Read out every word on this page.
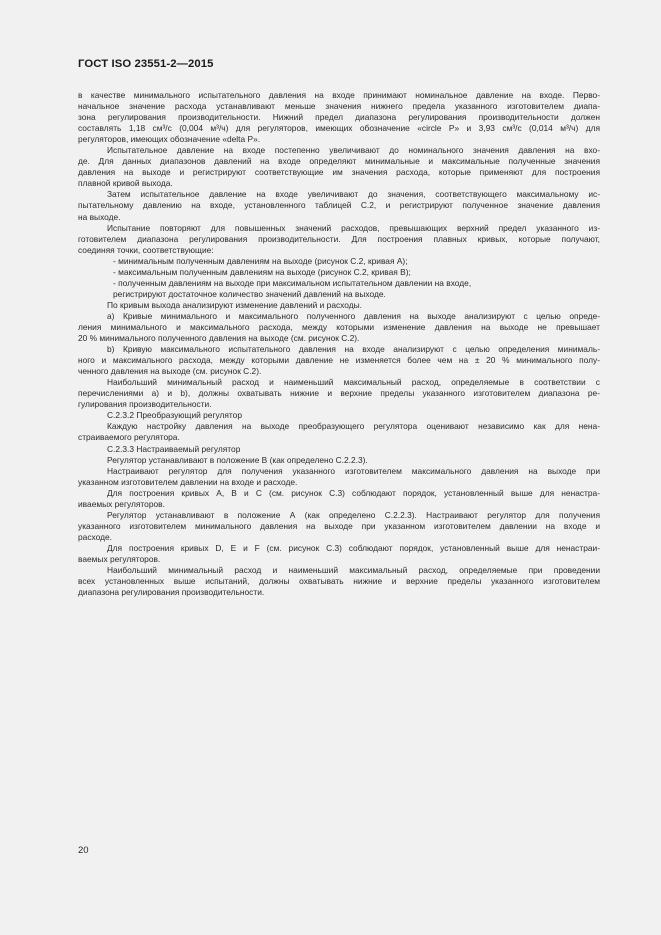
ГОСТ ISO 23551-2—2015
в качестве минимального испытательного давления на входе принимают номинальное давление на входе. Перво-
начальное значение расхода устанавливают меньше значения нижнего предела указанного изготовителем диапа-
зона регулирования производительности. Нижний предел диапазона регулирования производительности должен
составлять 1,18 см³/с (0,004 м³/ч) для регуляторов, имеющих обозначение «circle P» и 3,93 см³/с (0,014 м³/ч) для
регуляторов, имеющих обозначение «delta P».
Испытательное давление на входе постепенно увеличивают до номинального значения давления на вхо-
де. Для данных диапазонов давлений на входе определяют минимальные и максимальные полученные значения
давления на выходе и регистрируют соответствующие им значения расхода, которые применяют для построения
плавной кривой выхода.
Затем испытательное давление на входе увеличивают до значения, соответствующего максимальному ис-
пытательному давлению на входе, установленного таблицей С.2, и регистрируют полученное значение давления
на выходе.
Испытание повторяют для повышенных значений расходов, превышающих верхний предел указанного из-
готовителем диапазона регулирования производительности. Для построения плавных кривых, которые получают,
соединяя точки, соответствующие:
- минимальным полученным давлениям на выходе (рисунок С.2, кривая А);
- максимальным полученным давлениям на выходе (рисунок С.2, кривая В);
- полученным давлениям на выходе при максимальном испытательном давлении на входе,
регистрируют достаточное количество значений давлений на выходе.
По кривым выхода анализируют изменение давлений и расходы.
a) Кривые минимального и максимального полученного давления на выходе анализируют с целью опреде-
ления минимального и максимального расхода, между которыми изменение давления на выходе не превышает
20 % минимального полученного давления на выходе (см. рисунок С.2).
b) Кривую максимального испытательного давления на входе анализируют с целью определения минималь-
ного и максимального расхода, между которыми давление не изменяется более чем на ± 20 % минимального полу-
ченного давления на выходе (см. рисунок С.2).
Наибольший минимальный расход и наименьший максимальный расход, определяемые в соответствии с
перечислениями а) и b), должны охватывать нижние и верхние пределы указанного изготовителем диапазона ре-
гулирования производительности.
С.2.3.2 Преобразующий регулятор
Каждую настройку давления на выходе преобразующего регулятора оценивают независимо как для нена-
страиваемого регулятора.
С.2.3.3 Настраиваемый регулятор
Регулятор устанавливают в положение В (как определено С.2.2.3).
Настраивают регулятор для получения указанного изготовителем максимального давления на выходе при
указанном изготовителем давлении на входе и расходе.
Для построения кривых А, В и С (см. рисунок С.3) соблюдают порядок, установленный выше для ненастра-
иваемых регуляторов.
Регулятор устанавливают в положение А (как определено С.2.2.3). Настраивают регулятор для получения
указанного изготовителем минимального давления на выходе при указанном изготовителем давлении на входе и
расходе.
Для построения кривых D, E и F (см. рисунок С.3) соблюдают порядок, установленный выше для ненастраи-
ваемых регуляторов.
Наибольший минимальный расход и наименьший максимальный расход, определяемые при проведении
всех установленных выше испытаний, должны охватывать нижние и верхние пределы указанного изготовителем
диапазона регулирования производительности.
20
